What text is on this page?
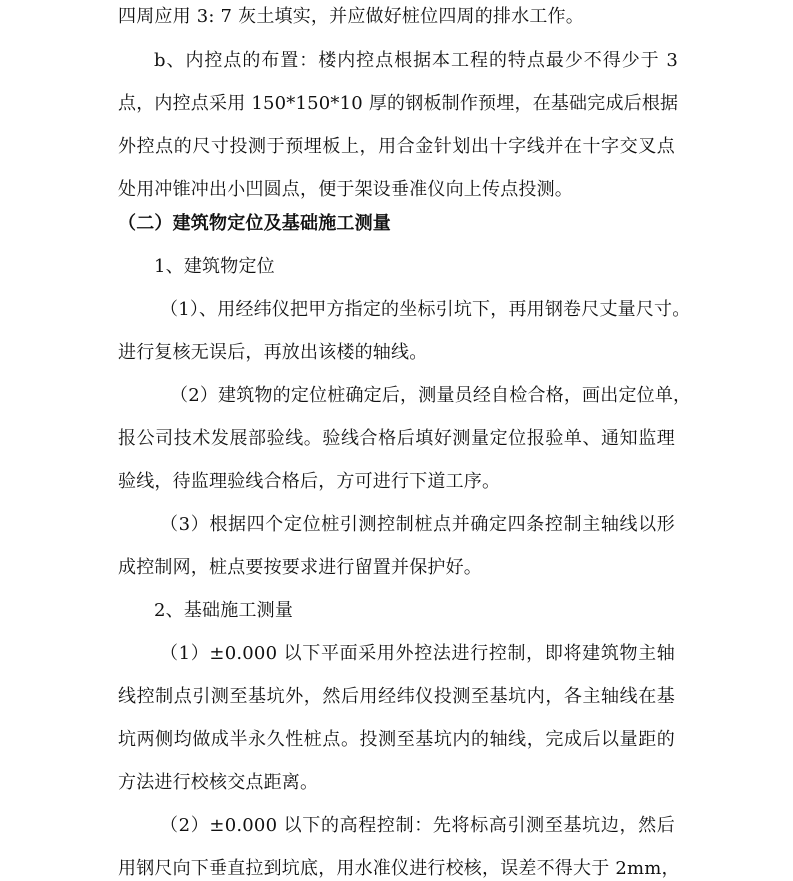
四周应用 3: 7 灰土填实，并应做好桩位四周的排水工作。
b、内控点的布置：楼内控点根据本工程的特点最少不得少于 3
点，内控点采用 150*150*10 厚的钢板制作预埋，在基础完成后根据
外控点的尺寸投测于预埋板上，用合金针划出十字线并在十字交叉点
处用冲锥冲出小凹圆点，便于架设垂准仪向上传点投测。
（二）建筑物定位及基础施工测量
1、建筑物定位
（1）、用经纬仪把甲方指定的坐标引坑下，再用钢卷尺丈量尺寸。
进行复核无误后，再放出该楼的轴线。
（2）建筑物的定位桩确定后，测量员经自检合格，画出定位单，
报公司技术发展部验线。验线合格后填好测量定位报验单、通知监理
验线，待监理验线合格后，方可进行下道工序。
（3）根据四个定位桩引测控制桩点并确定四条控制主轴线以形
成控制网，桩点要按要求进行留置并保护好。
2、基础施工测量
（1）±0.000 以下平面采用外控法进行控制，即将建筑物主轴
线控制点引测至基坑外，然后用经纬仪投测至基坑内，各主轴线在基
坑两侧均做成半永久性桩点。投测至基坑内的轴线，完成后以量距的
方法进行校核交点距离。
（2）±0.000 以下的高程控制：先将标高引测至基坑边，然后
用钢尺向下垂直拉到坑底，用水准仪进行校核，误差不得大于 2mm，
